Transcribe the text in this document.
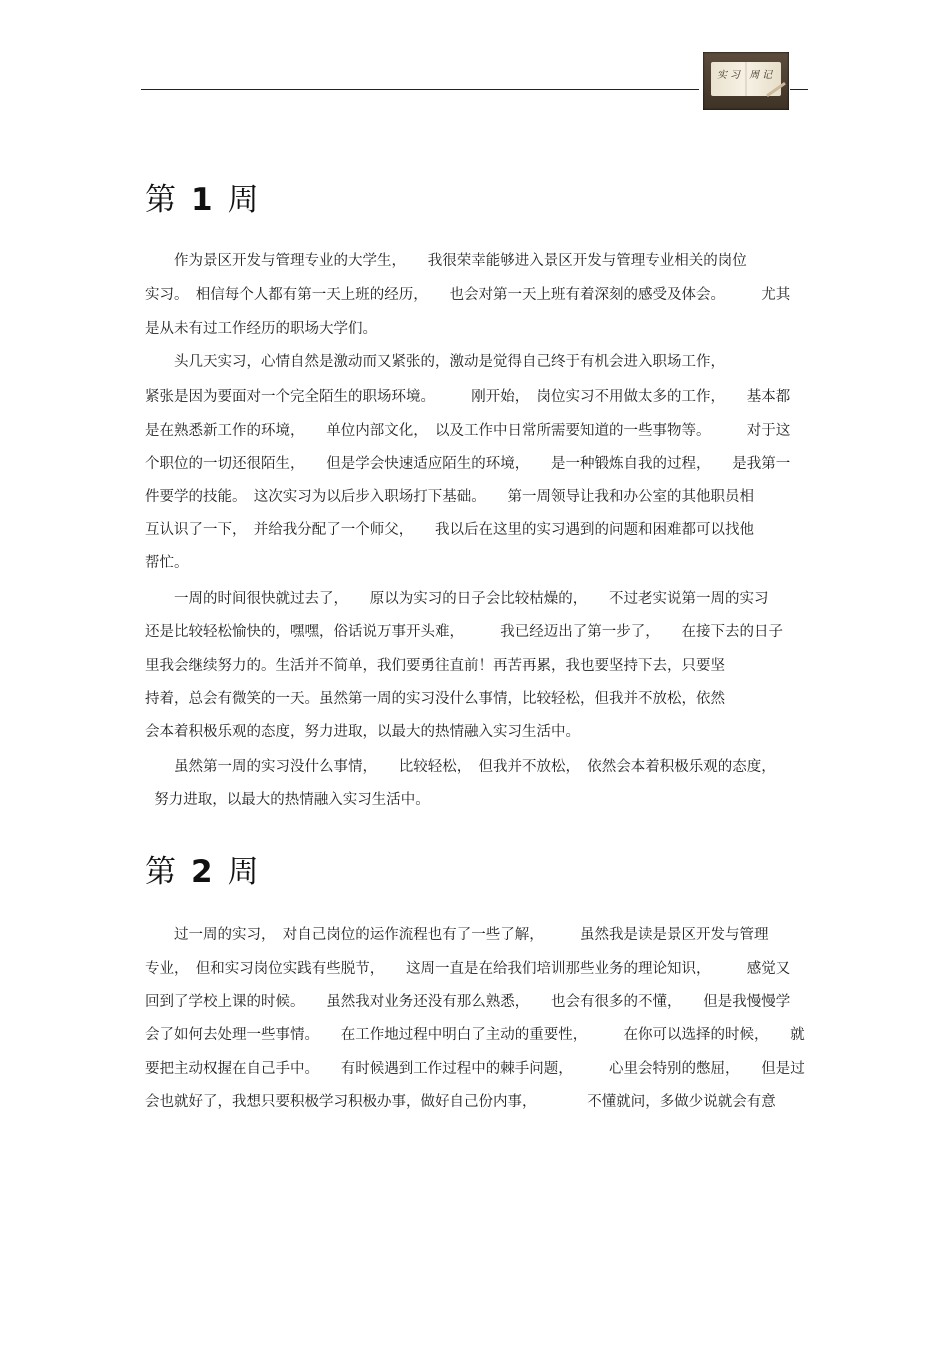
实习 周记
第 1 周
　　作为景区开发与管理专业的大学生，　　我很荣幸能够进入景区开发与管理专业相关的岗位
实习。　相信每个人都有第一天上班的经历，　　也会对第一天上班有着深刻的感受及体会。　　　尤其
是从未有过工作经历的职场大学们。
　　头几天实习，心情自然是激动而又紧张的，激动是觉得自己终于有机会进入职场工作，
紧张是因为要面对一个完全陌生的职场环境。　　　刚开始，　岗位实习不用做太多的工作，　　基本都
是在熟悉新工作的环境，　　单位内部文化，　以及工作中日常所需要知道的一些事物等。　　　对于这
个职位的一切还很陌生，　　但是学会快速适应陌生的环境，　　是一种锻炼自我的过程，　　是我第一
件要学的技能。　这次实习为以后步入职场打下基础。　　第一周领导让我和办公室的其他职员相
互认识了一下，　并给我分配了一个师父，　　我以后在这里的实习遇到的问题和困难都可以找他
帮忙。
　　一周的时间很快就过去了，　　原以为实习的日子会比较枯燥的，　　不过老实说第一周的实习
还是比较轻松愉快的，嘿嘿，俗话说万事开头难，　　　我已经迈出了第一步了，　　在接下去的日子
里我会继续努力的。生活并不简单，我们要勇往直前！再苦再累，我也要坚持下去，只要坚
持着，总会有微笑的一天。虽然第一周的实习没什么事情，比较轻松，但我并不放松，依然
会本着积极乐观的态度，努力进取，以最大的热情融入实习生活中。
　　虽然第一周的实习没什么事情，　　比较轻松，　但我并不放松，　依然会本着积极乐观的态度，
努力进取，以最大的热情融入实习生活中。
第 2 周
　　过一周的实习，　对自己岗位的运作流程也有了一些了解，　　　虽然我是读是景区开发与管理
专业，　但和实习岗位实践有些脱节，　　这周一直是在给我们培训那些业务的理论知识，　　　感觉又
回到了学校上课的时候。　　虽然我对业务还没有那么熟悉，　　也会有很多的不懂，　　但是我慢慢学
会了如何去处理一些事情。　　在工作地过程中明白了主动的重要性，　　　在你可以选择的时候，　　就
要把主动权握在自己手中。　　有时候遇到工作过程中的棘手问题，　　　心里会特别的憋屈，　　但是过
会也就好了，我想只要积极学习积极办事，做好自己份内事，　　　　不懂就问，多做少说就会有意
